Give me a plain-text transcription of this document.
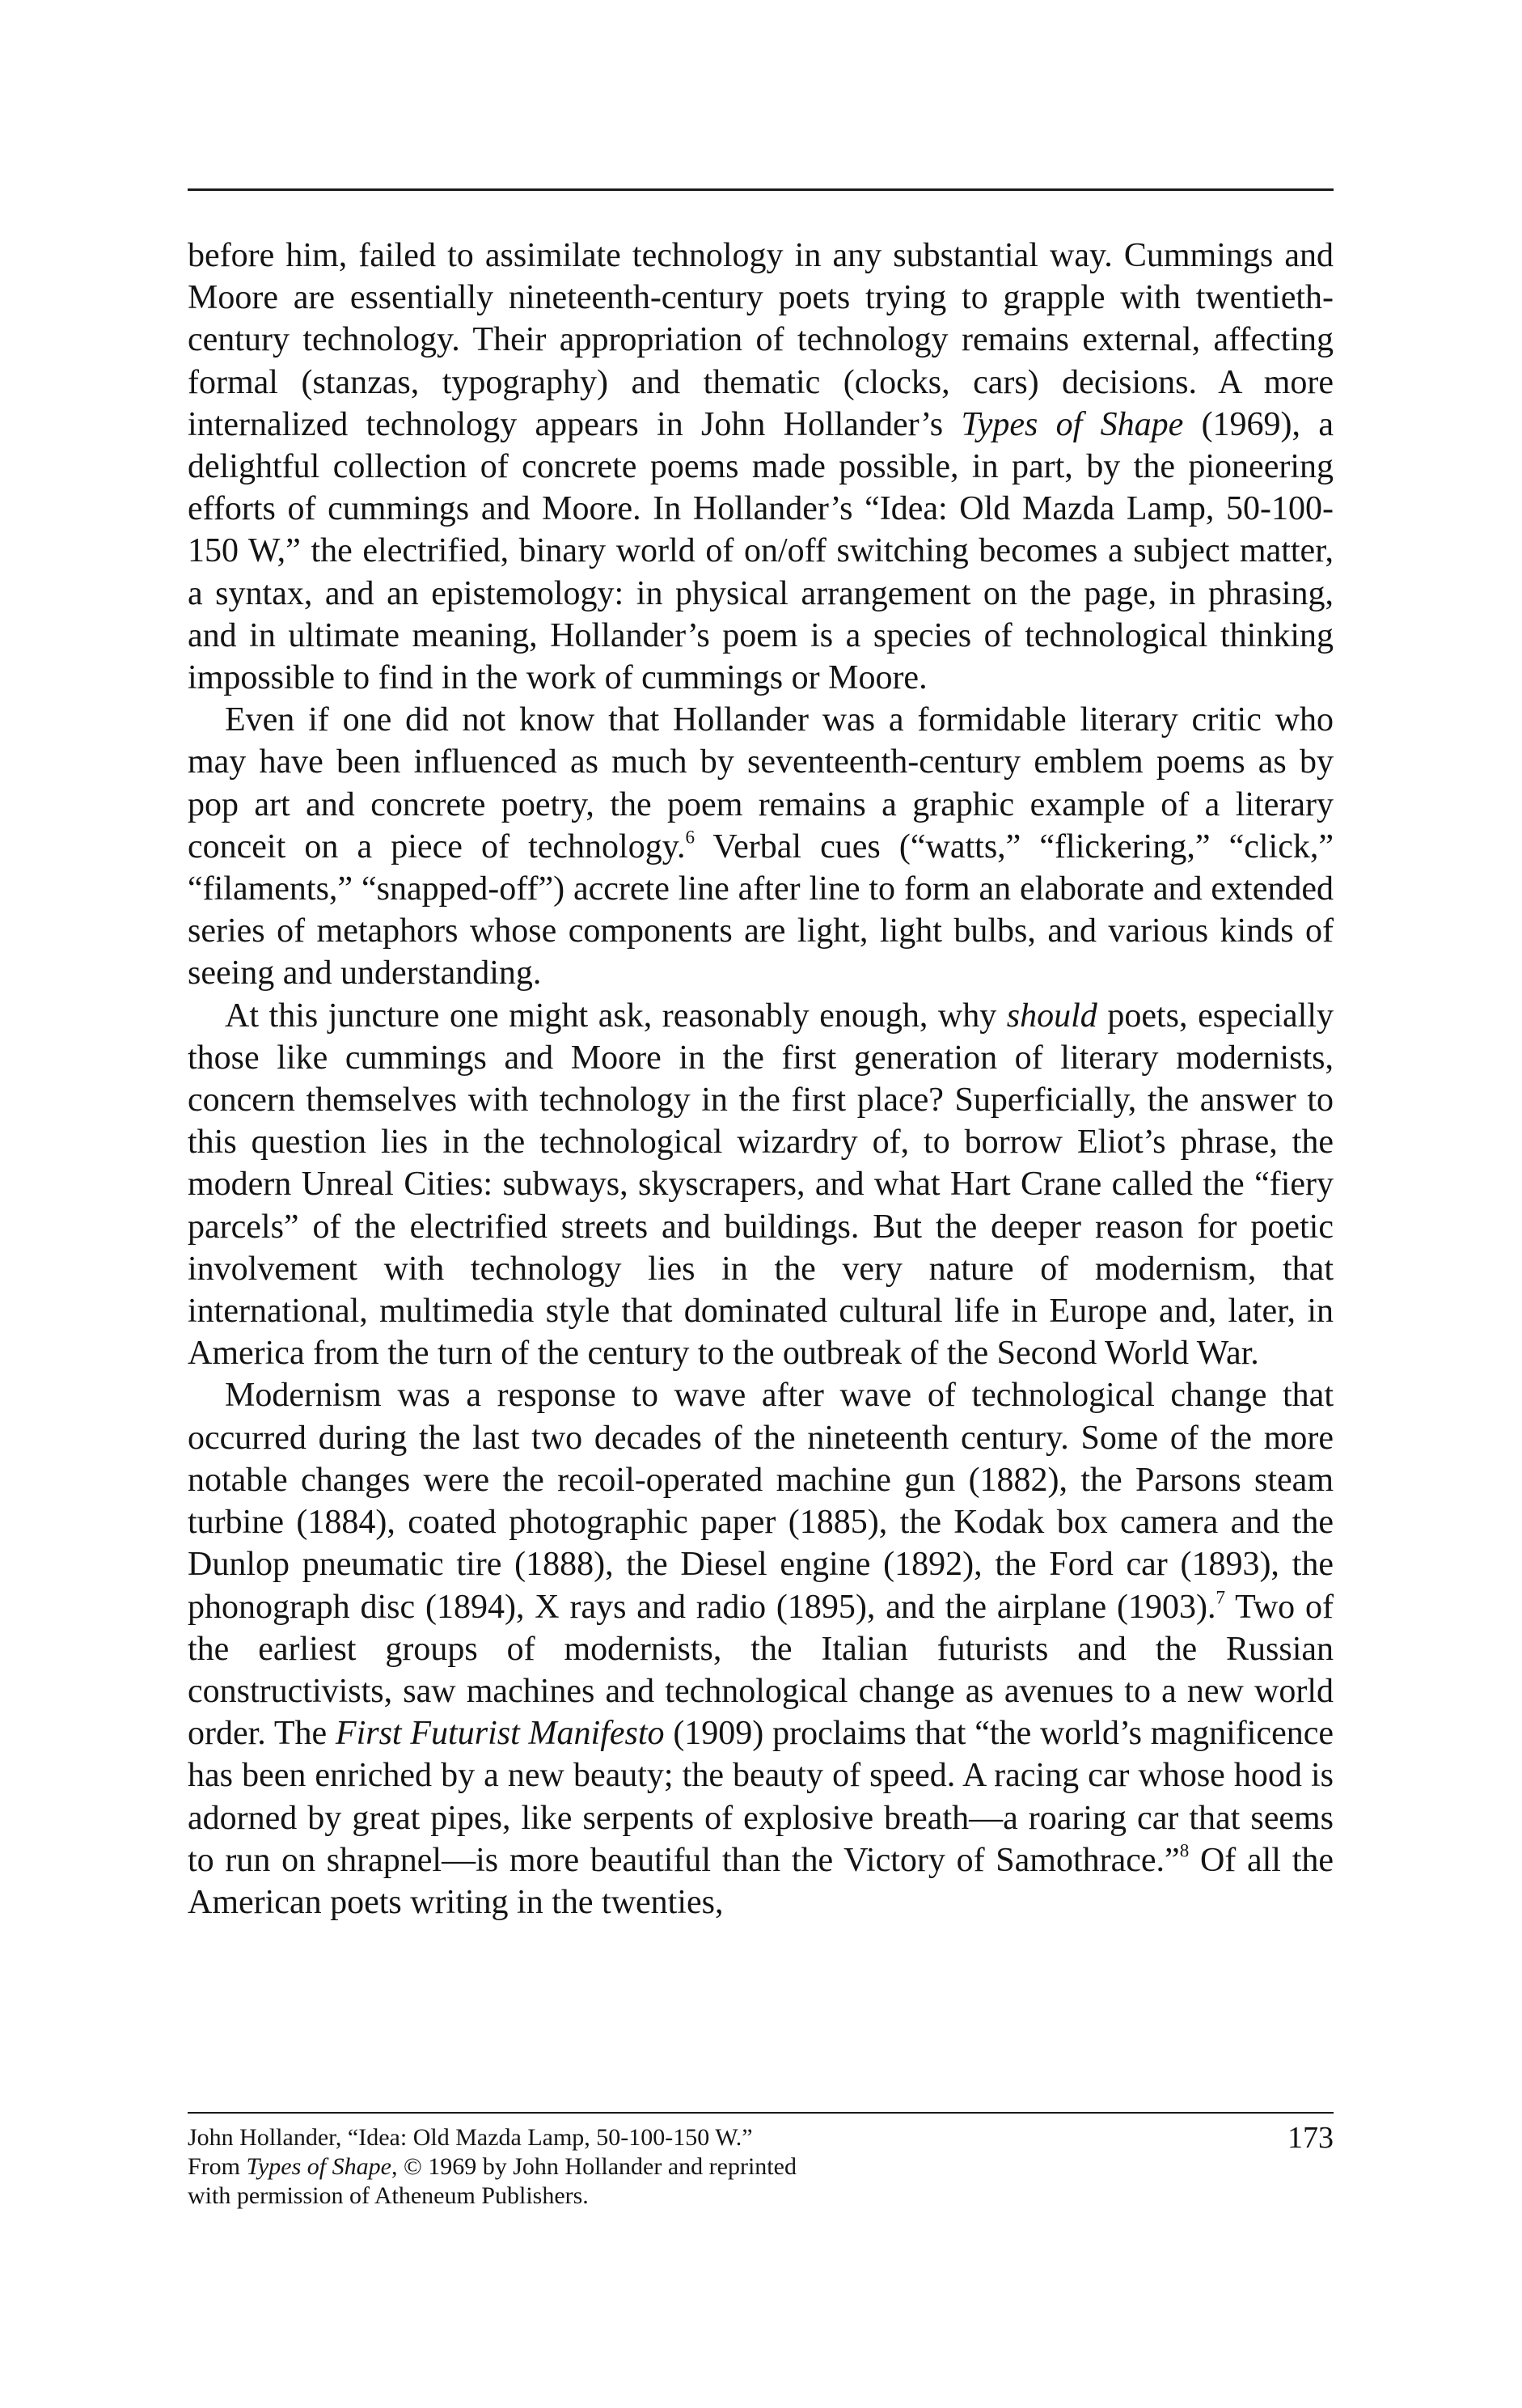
before him, failed to assimilate technology in any substantial way. Cummings and Moore are essentially nineteenth-century poets trying to grapple with twentieth-century technology. Their appropriation of technology remains external, affecting formal (stanzas, typography) and thematic (clocks, cars) decisions. A more internalized technology appears in John Hollander’s Types of Shape (1969), a delightful collection of concrete poems made possible, in part, by the pioneering efforts of cummings and Moore. In Hollander’s “Idea: Old Mazda Lamp, 50-100-150 W,” the electrified, binary world of on/off switching becomes a subject matter, a syntax, and an epistemology: in physical arrangement on the page, in phrasing, and in ultimate meaning, Hollander’s poem is a species of technological thinking impossible to find in the work of cummings or Moore.

Even if one did not know that Hollander was a formidable literary critic who may have been influenced as much by seventeenth-century emblem poems as by pop art and concrete poetry, the poem remains a graphic example of a literary conceit on a piece of technology.$^6$ Verbal cues (“watts,” “flickering,” “click,” “filaments,” “snapped-off”) accrete line after line to form an elaborate and extended series of metaphors whose components are light, light bulbs, and various kinds of seeing and understanding.

At this juncture one might ask, reasonably enough, why should poets, especially those like cummings and Moore in the first generation of literary modernists, concern themselves with technology in the first place? Superficially, the answer to this question lies in the technological wizardry of, to borrow Eliot’s phrase, the modern Unreal Cities: subways, skyscrapers, and what Hart Crane called the “fiery parcels” of the electrified streets and buildings. But the deeper reason for poetic involvement with technology lies in the very nature of modernism, that international, multimedia style that dominated cultural life in Europe and, later, in America from the turn of the century to the outbreak of the Second World War.

Modernism was a response to wave after wave of technological change that occurred during the last two decades of the nineteenth century. Some of the more notable changes were the recoil-operated machine gun (1882), the Parsons steam turbine (1884), coated photographic paper (1885), the Kodak box camera and the Dunlop pneumatic tire (1888), the Diesel engine (1892), the Ford car (1893), the phonograph disc (1894), X rays and radio (1895), and the airplane (1903).$^7$ Two of the earliest groups of modernists, the Italian futurists and the Russian constructivists, saw machines and technological change as avenues to a new world order. The First Futurist Manifesto (1909) proclaims that “the world’s magnificence has been enriched by a new beauty; the beauty of speed. A racing car whose hood is adorned by great pipes, like serpents of explosive breath—a roaring car that seems to run on shrapnel—is more beautiful than the Victory of Samothrace.”$^8$ Of all the American poets writing in the twenties,

John Hollander, “Idea: Old Mazda Lamp, 50-100-150 W.”
From Types of Shape, © 1969 by John Hollander and reprinted
with permission of Atheneum Publishers.
173
